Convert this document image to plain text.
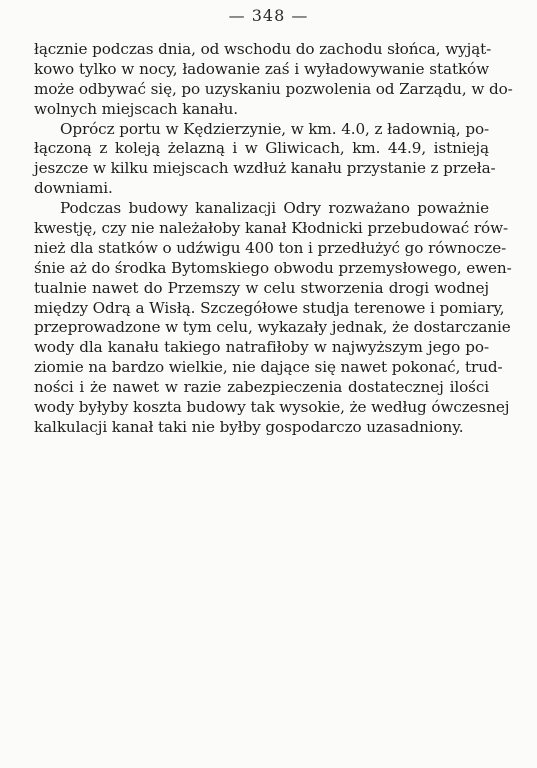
— 348 —
łącznie podczas dnia, od wschodu do zachodu słońca, wyjąt-
kowo tylko w nocy, ładowanie zaś i wyładowywanie statków
może odbywać się, po uzyskaniu pozwolenia od Zarządu, w do-
wolnych miejscach kanału.
Oprócz portu w Kędzierzynie, w km. 4.0, z ładownią, po-
łączoną z koleją żelazną i w Gliwicach, km. 44.9, istnieją
jeszcze w kilku miejscach wzdłuż kanału przystanie z przeła-
downiami.
Podczas budowy kanalizacji Odry rozważano poważnie
kwestję, czy nie należałoby kanał Kłodnicki przebudować rów-
nież dla statków o udźwigu 400 ton i przedłużyć go równocze-
śnie aż do środka Bytomskiego obwodu przemysłowego, ewen-
tualnie nawet do Przemszy w celu stworzenia drogi wodnej
między Odrą a Wisłą. Szczegółowe studja terenowe i pomiary,
przeprowadzone w tym celu, wykazały jednak, że dostarczanie
wody dla kanału takiego natrafiłoby w najwyższym jego po-
ziomie na bardzo wielkie, nie dające się nawet pokonać, trud-
ności i że nawet w razie zabezpieczenia dostatecznej ilości
wody byłyby koszta budowy tak wysokie, że według ówczesnej
kalkulacji kanał taki nie byłby gospodarczo uzasadniony.
